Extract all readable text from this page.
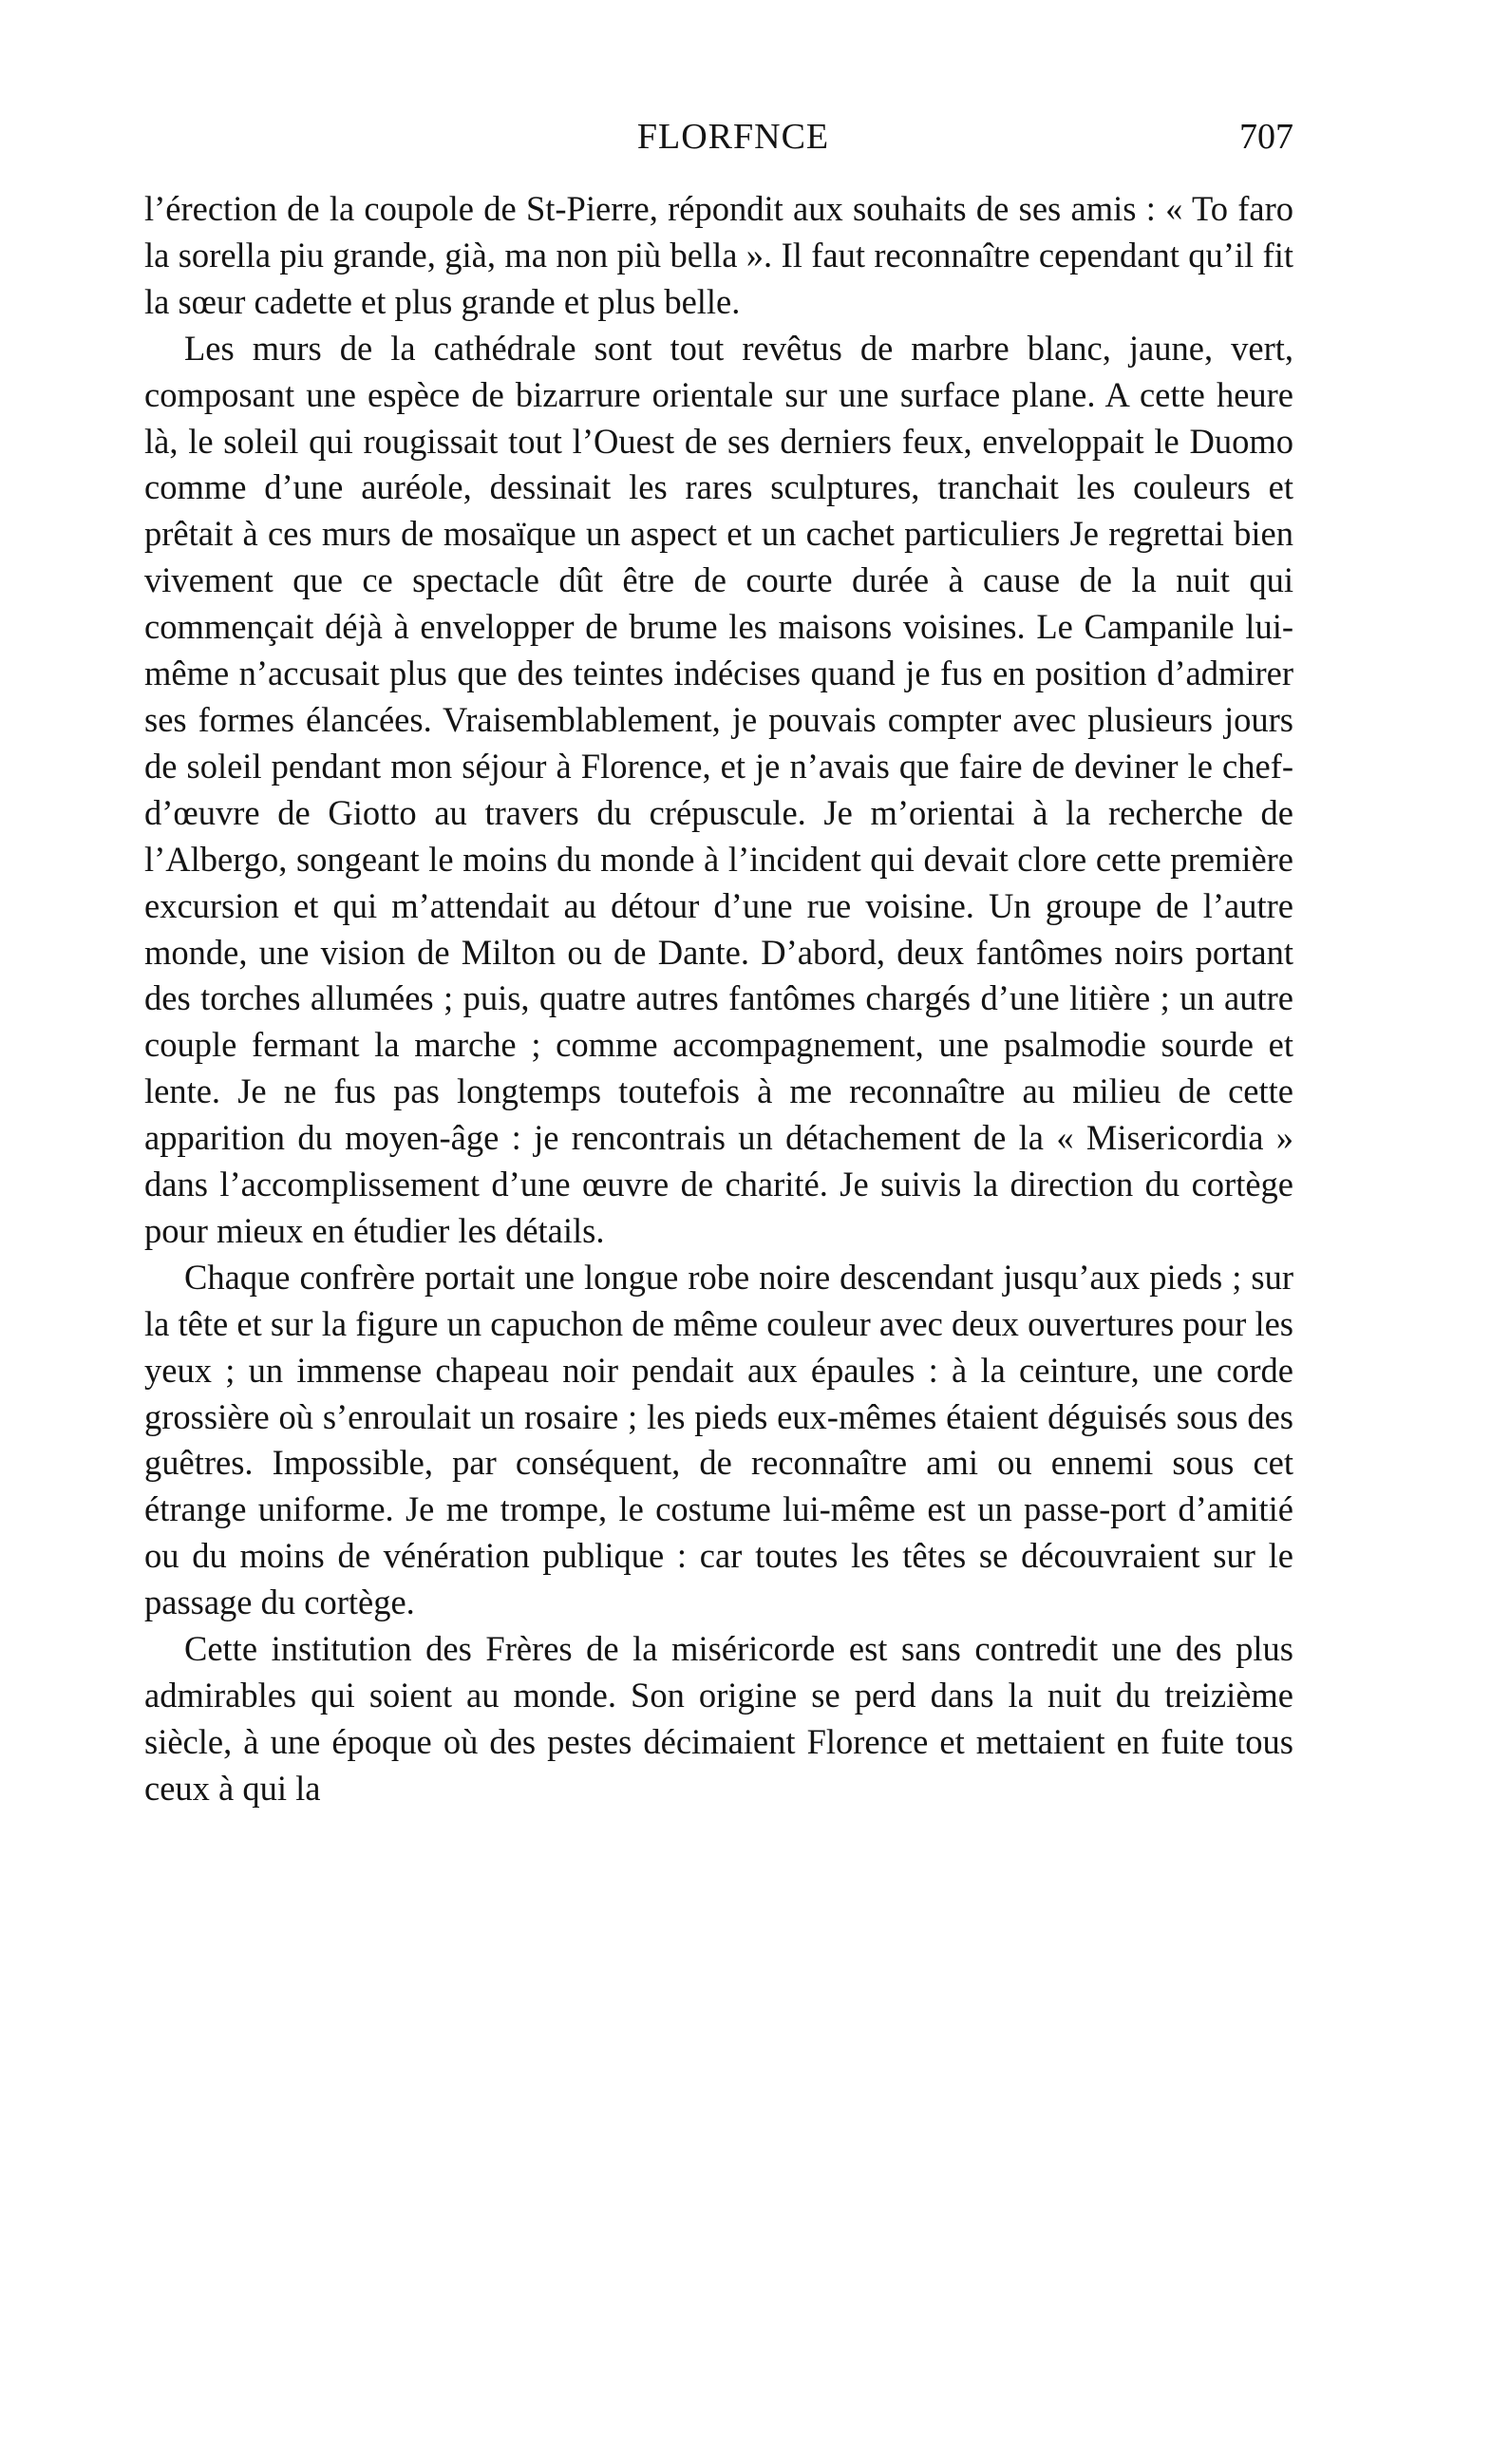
FLORFNCE	707

l’érection de la coupole de St-Pierre, répondit aux souhaits de ses amis : « To faro la sorella piu grande, già, ma non più bella ». Il faut reconnaître cependant qu’il fit la sœur cadette et plus grande et plus belle.

Les murs de la cathédrale sont tout revêtus de marbre blanc, jaune, vert, composant une espèce de bizarrure orientale sur une surface plane. A cette heure là, le soleil qui rougissait tout l’Ouest de ses derniers feux, enveloppait le Duomo comme d’une auréole, dessinait les rares sculptures, tranchait les couleurs et prêtait à ces murs de mosaïque un aspect et un cachet particuliers Je regrettai bien vivement que ce spectacle dût être de courte durée à cause de la nuit qui commençait déjà à envelopper de brume les maisons voisines. Le Campanile lui-même n’accusait plus que des teintes indécises quand je fus en position d’admirer ses formes élancées. Vraisemblablement, je pouvais compter avec plusieurs jours de soleil pendant mon séjour à Florence, et je n’avais que faire de deviner le chef-d’œuvre de Giotto au travers du crépuscule. Je m’orientai à la recherche de l’Albergo, songeant le moins du monde à l’incident qui devait clore cette première excursion et qui m’attendait au détour d’une rue voisine. Un groupe de l’autre monde, une vision de Milton ou de Dante. D’abord, deux fantômes noirs portant des torches allumées ; puis, quatre autres fantômes chargés d’une litière ; un autre couple fermant la marche ; comme accompagnement, une psalmodie sourde et lente. Je ne fus pas longtemps toutefois à me reconnaître au milieu de cette apparition du moyen-âge : je rencontrais un détachement de la « Misericordia » dans l’accomplissement d’une œuvre de charité. Je suivis la direction du cortège pour mieux en étudier les détails.

Chaque confrère portait une longue robe noire descendant jusqu’aux pieds ; sur la tête et sur la figure un capuchon de même couleur avec deux ouvertures pour les yeux ; un immense chapeau noir pendait aux épaules : à la ceinture, une corde grossière où s’enroulait un rosaire ; les pieds eux-mêmes étaient déguisés sous des guêtres. Impossible, par conséquent, de reconnaître ami ou ennemi sous cet étrange uniforme. Je me trompe, le costume lui-même est un passe-port d’amitié ou du moins de vénération publique : car toutes les têtes se découvraient sur le passage du cortège.

Cette institution des Frères de la miséricorde est sans contredit une des plus admirables qui soient au monde. Son origine se perd dans la nuit du treizième siècle, à une époque où des pestes décimaient Florence et mettaient en fuite tous ceux à qui la
